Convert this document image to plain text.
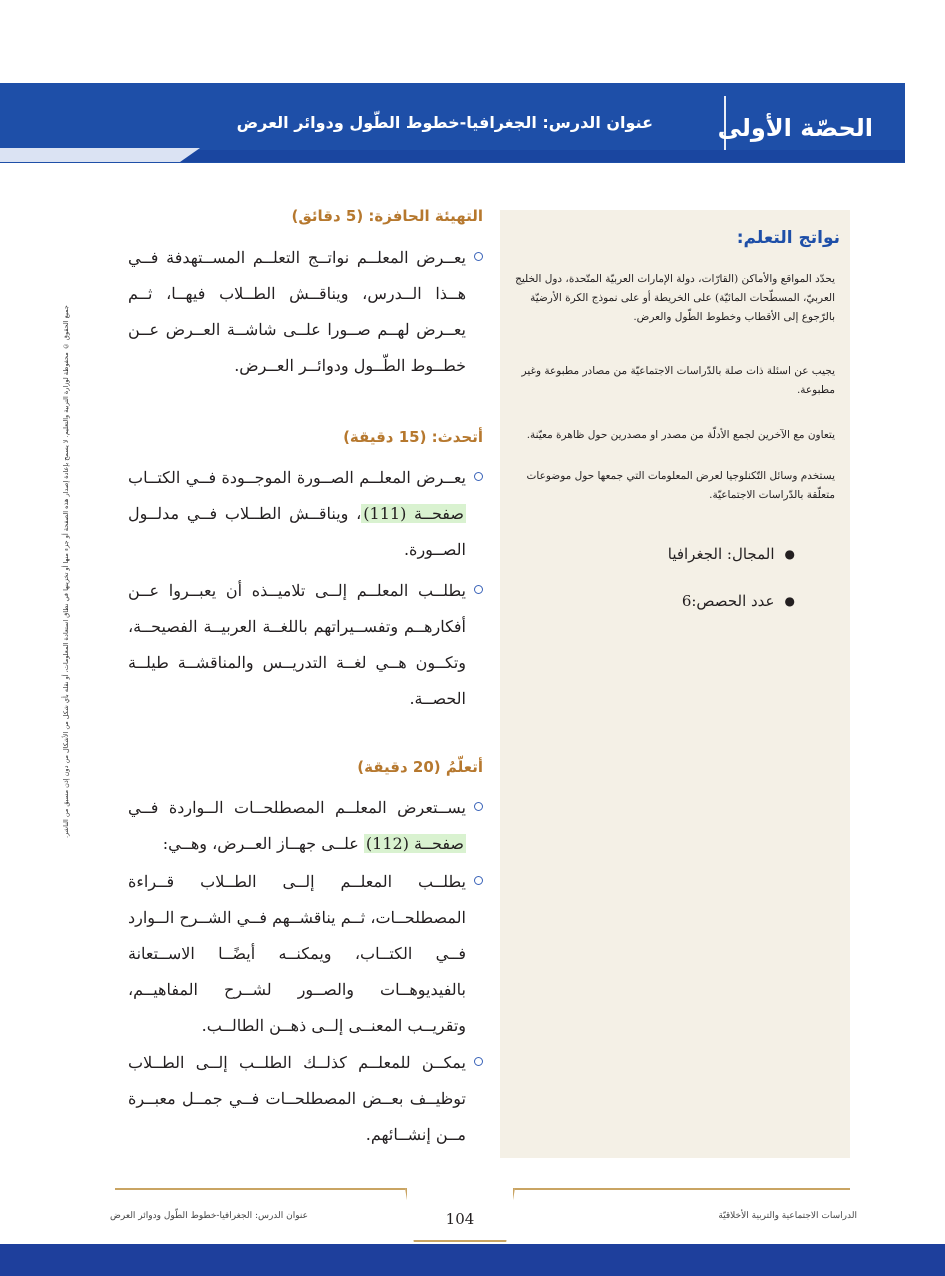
الحصّة الأولى
عنوان الدرس: الجغرافيا-خطوط الطّول ودوائر العرض
جميع الحقوق © محفوظة لوزارة التربية والتعليم. لا يسمح بإعادة إصدار هذه الصفحة أو جزء منها أو تخزينها في نطاق استعادة المعلومات، أو نقله بأي شكل من الأشكال من دون إذن مسبق من الناشر.
نواتج التعلم:
يحدّد المواقع والأماكن (القارّات، دولة الإمارات العربيّة المتّحدة، دول الخليج العربيّ، المسطّحات المائيّة) على الخريطة أو على نموذج الكرة الأرضيّة بالرّجوع إلى الأقطاب وخطوط الطّول والعرض.
يجيب عن اسئلة ذات صلة بالدّراسات الاجتماعيّة من مصادر مطبوعة وغير مطبوعة.
يتعاون مع الآخرين لجمع الأدلّة من مصدر او مصدرين حول ظاهرة معيّنة.
يستخدم وسائل التّكنلوجيا لعرض المعلومات التي جمعها حول موضوعات متعلّقة بالدّراسات الاجتماعيّة.
●
المجال: الجغرافيا
●
عدد الحصص:6
التهيئة الحافزة: (5 دقائق)
يعــرض المعلــم نواتــج التعلــم المســتهدفة فــي هــذا الــدرس، ويناقــش الطــلاب فيهــا، ثــم يعــرض لهــم صــورا علــى شاشــة العــرض عــن خطــوط الطّــول ودوائــر العــرض.
أتحدث: (15 دقيقة)
يعــرض المعلــم الصــورة الموجــودة فــي الكتــاب صفحــة (111)، ويناقــش الطــلاب فــي مدلــول الصــورة.
يطلــب المعلــم إلــى تلاميــذه أن يعبــروا عــن أفكارهــم وتفســيراتهم باللغــة العربيــة الفصيحــة، وتكــون هــي لغــة التدريــس والمناقشــة طيلــة الحصــة.
أتعلّمُ (20 دقيقة)
يســتعرض المعلــم المصطلحــات الــواردة فــي صفحــة (112) علــى جهــاز العــرض، وهــي:
يطلــب المعلــم إلــى الطــلاب قــراءة المصطلحــات، ثــم يناقشــهم فــي الشــرح الــوارد فــي الكتــاب، ويمكنــه أيضًــا الاســتعانة بالفيديوهــات والصــور لشــرح المفاهيــم، وتقريــب المعنــى إلــى ذهــن الطالــب.
يمكــن للمعلــم كذلــك الطلــب إلــى الطــلاب توظيــف بعــض المصطلحــات فــي جمــل معبــرة مــن إنشــائهم.
104
عنوان الدرس: الجغرافيا-خطوط الطّول ودوائر العرض	الدراسات الاجتماعية والتربية الأخلاقيّة
